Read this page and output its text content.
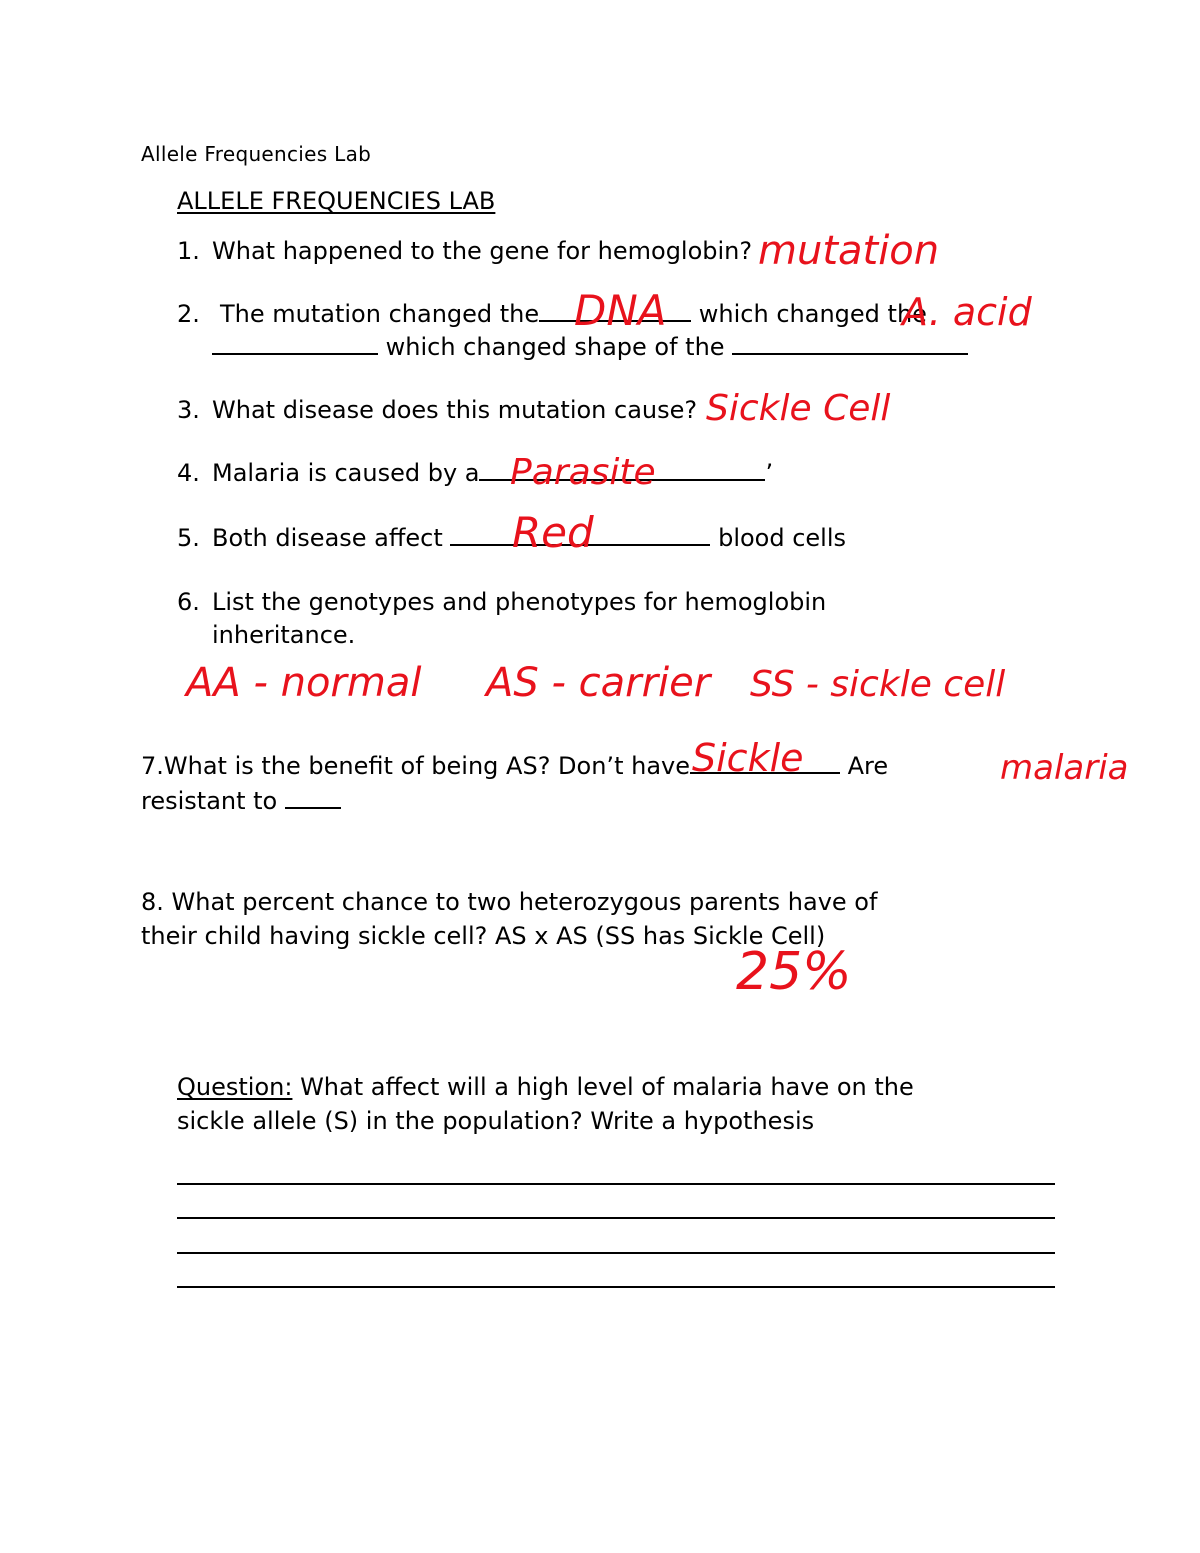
Allele Frequencies Lab
ALLELE FREQUENCIES LAB
1. What happened to the gene for hemoglobin? mutation
2. The mutation changed the	which changed the
which changed shape of the
DNA	A. acid
3. What disease does this mutation cause? Sickle Cell
4. Malaria is caused by a	’
Parasite
5. Both disease affect	blood cells
Red
6. List the genotypes and phenotypes for hemoglobin
inheritance.
AA - normal AS - carrier SS - sickle cell
7.What is the benefit of being AS? Don’t have	Are
resistant to
Sickle	malaria
8. What percent chance to two heterozygous parents have of
their child having sickle cell? AS x AS (SS has Sickle Cell)
25%
Question: What affect will a high level of malaria have on the
sickle allele (S) in the population? Write a hypothesis
